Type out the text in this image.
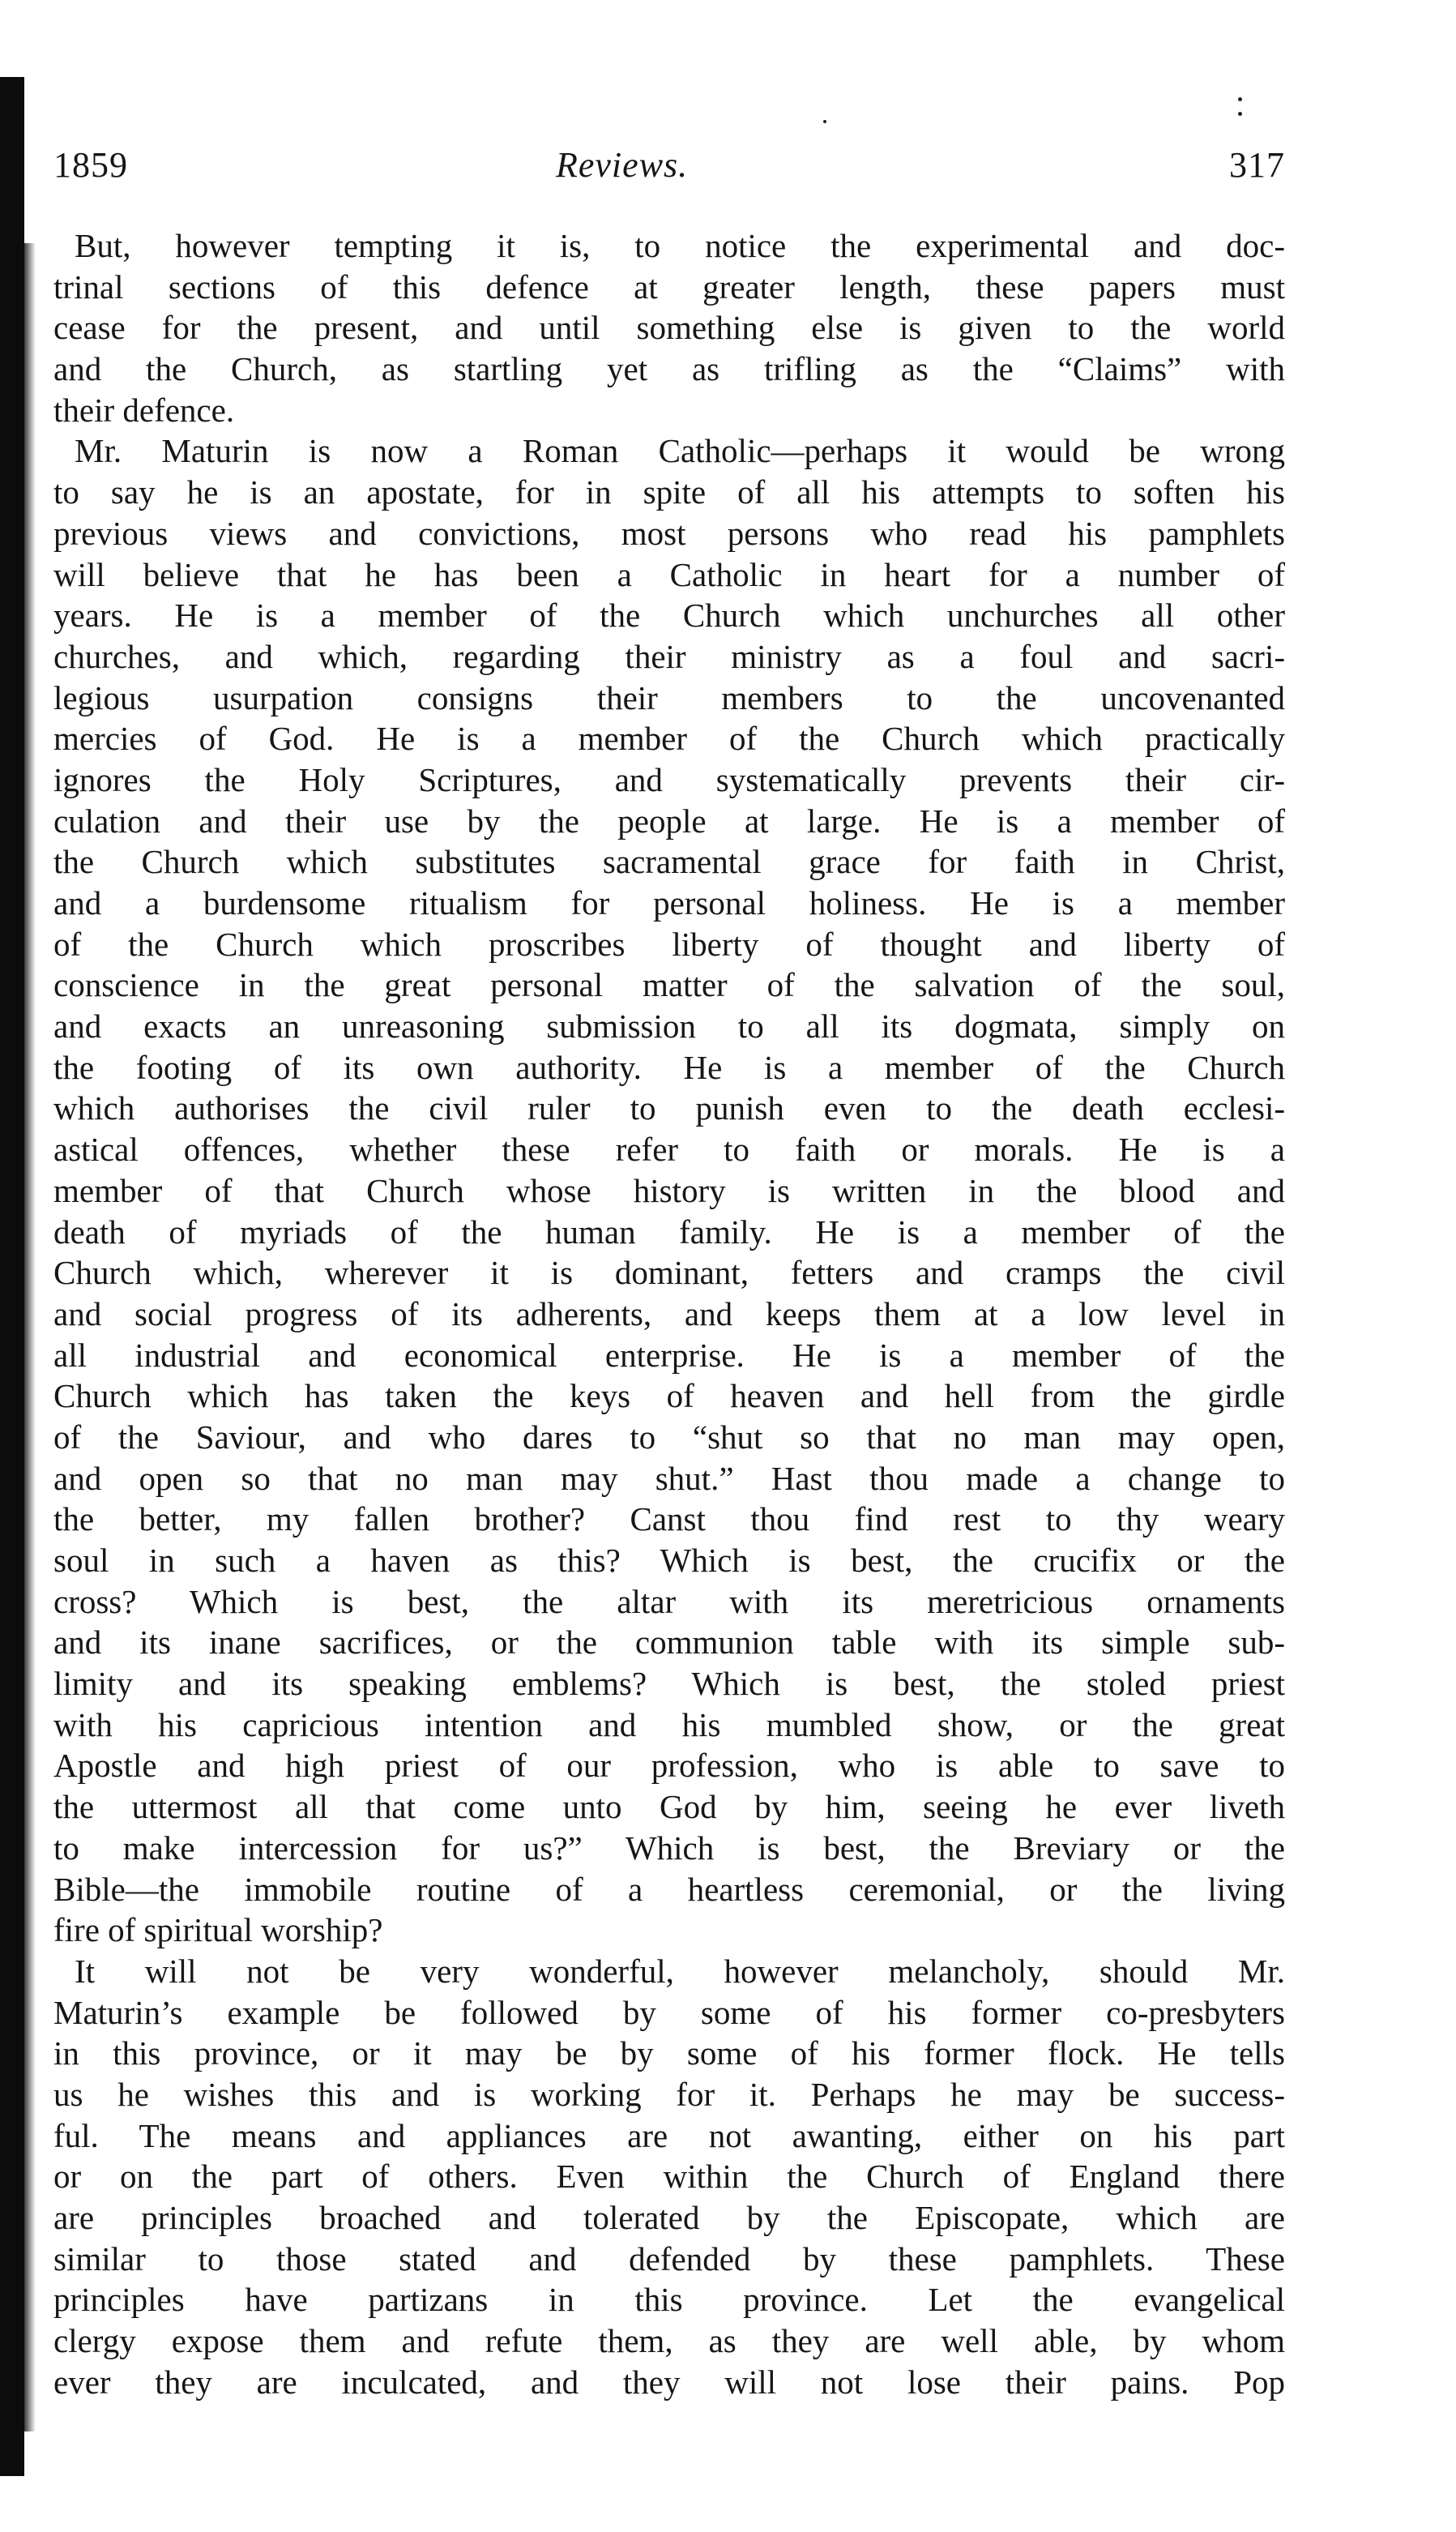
1859	Reviews.	317
But, however tempting it is, to notice the experimental and doc-
trinal sections of this defence at greater length, these papers must
cease for the present, and until something else is given to the world
and the Church, as startling yet as trifling as the “Claims” with
their defence.
Mr. Maturin is now a Roman Catholic—perhaps it would be wrong
to say he is an apostate, for in spite of all his attempts to soften his
previous views and convictions, most persons who read his pamphlets
will believe that he has been a Catholic in heart for a number of
years. He is a member of the Church which unchurches all other
churches, and which, regarding their ministry as a foul and sacri-
legious usurpation consigns their members to the uncovenanted
mercies of God. He is a member of the Church which practically
ignores the Holy Scriptures, and systematically prevents their cir-
culation and their use by the people at large. He is a member of
the Church which substitutes sacramental grace for faith in Christ,
and a burdensome ritualism for personal holiness. He is a member
of the Church which proscribes liberty of thought and liberty of
conscience in the great personal matter of the salvation of the soul,
and exacts an unreasoning submission to all its dogmata, simply on
the footing of its own authority. He is a member of the Church
which authorises the civil ruler to punish even to the death ecclesi-
astical offences, whether these refer to faith or morals. He is a
member of that Church whose history is written in the blood and
death of myriads of the human family. He is a member of the
Church which, wherever it is dominant, fetters and cramps the civil
and social progress of its adherents, and keeps them at a low level in
all industrial and economical enterprise. He is a member of the
Church which has taken the keys of heaven and hell from the girdle
of the Saviour, and who dares to “shut so that no man may open,
and open so that no man may shut.” Hast thou made a change to
the better, my fallen brother? Canst thou find rest to thy weary
soul in such a haven as this? Which is best, the crucifix or the
cross? Which is best, the altar with its meretricious ornaments
and its inane sacrifices, or the communion table with its simple sub-
limity and its speaking emblems? Which is best, the stoled priest
with his capricious intention and his mumbled show, or the great
Apostle and high priest of our profession, who is able to save to
the uttermost all that come unto God by him, seeing he ever liveth
to make intercession for us?” Which is best, the Breviary or the
Bible—the immobile routine of a heartless ceremonial, or the living
fire of spiritual worship?
It will not be very wonderful, however melancholy, should Mr.
Maturin’s example be followed by some of his former co-presbyters
in this province, or it may be by some of his former flock. He tells
us he wishes this and is working for it. Perhaps he may be success-
ful. The means and appliances are not awanting, either on his part
or on the part of others. Even within the Church of England there
are principles broached and tolerated by the Episcopate, which are
similar to those stated and defended by these pamphlets. These
principles have partizans in this province. Let the evangelical
clergy expose them and refute them, as they are well able, by whom
ever they are inculcated, and they will not lose their pains. Pop
